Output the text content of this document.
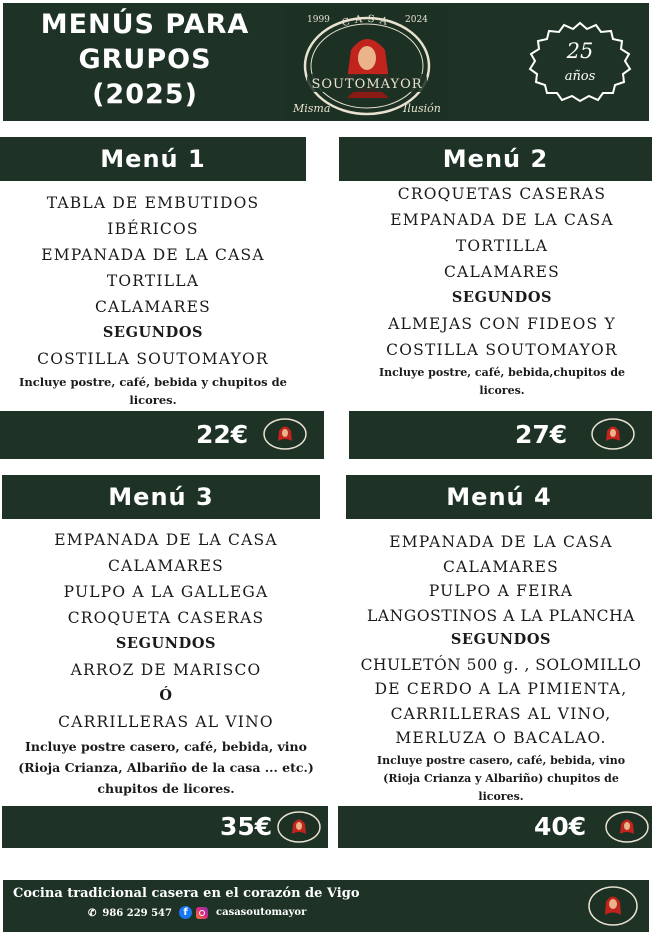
MENÚS PARA
GRUPOS
(2025)
CASA
1999	2024
SOUTOMAYOR
Misma	Ilusión
25
años
Menú 1
TABLA DE EMBUTIDOS
IBÉRICOS
EMPANADA DE LA CASA
TORTILLA
CALAMARES
SEGUNDOS
COSTILLA SOUTOMAYOR
Incluye postre, café, bebida y chupitos de
licores.
22€
Menú 2
CROQUETAS CASERAS
EMPANADA DE LA CASA
TORTILLA
CALAMARES
SEGUNDOS
ALMEJAS CON FIDEOS Y
COSTILLA SOUTOMAYOR
Incluye postre, café, bebida,chupitos de
licores.
27€
Menú 3
EMPANADA DE LA CASA
CALAMARES
PULPO A LA GALLEGA
CROQUETA CASERAS
SEGUNDOS
ARROZ DE MARISCO
Ó
CARRILLERAS AL VINO
Incluye postre casero, café, bebida, vino
(Rioja Crianza, Albariño de la casa ... etc.)
chupitos de licores.
35€
Menú 4
EMPANADA DE LA CASA
CALAMARES
PULPO A FEIRA
LANGOSTINOS A LA PLANCHA
SEGUNDOS
CHULETÓN 500 g. , SOLOMILLO
DE CERDO A LA PIMIENTA,
CARRILLERAS AL VINO,
MERLUZA O BACALAO.
Incluye postre casero, café, bebida, vino
(Rioja Crianza y Albariño) chupitos de
licores.
40€
Cocina tradicional casera en el corazón de Vigo
✆ 986 229 547	f	casasoutomayor
